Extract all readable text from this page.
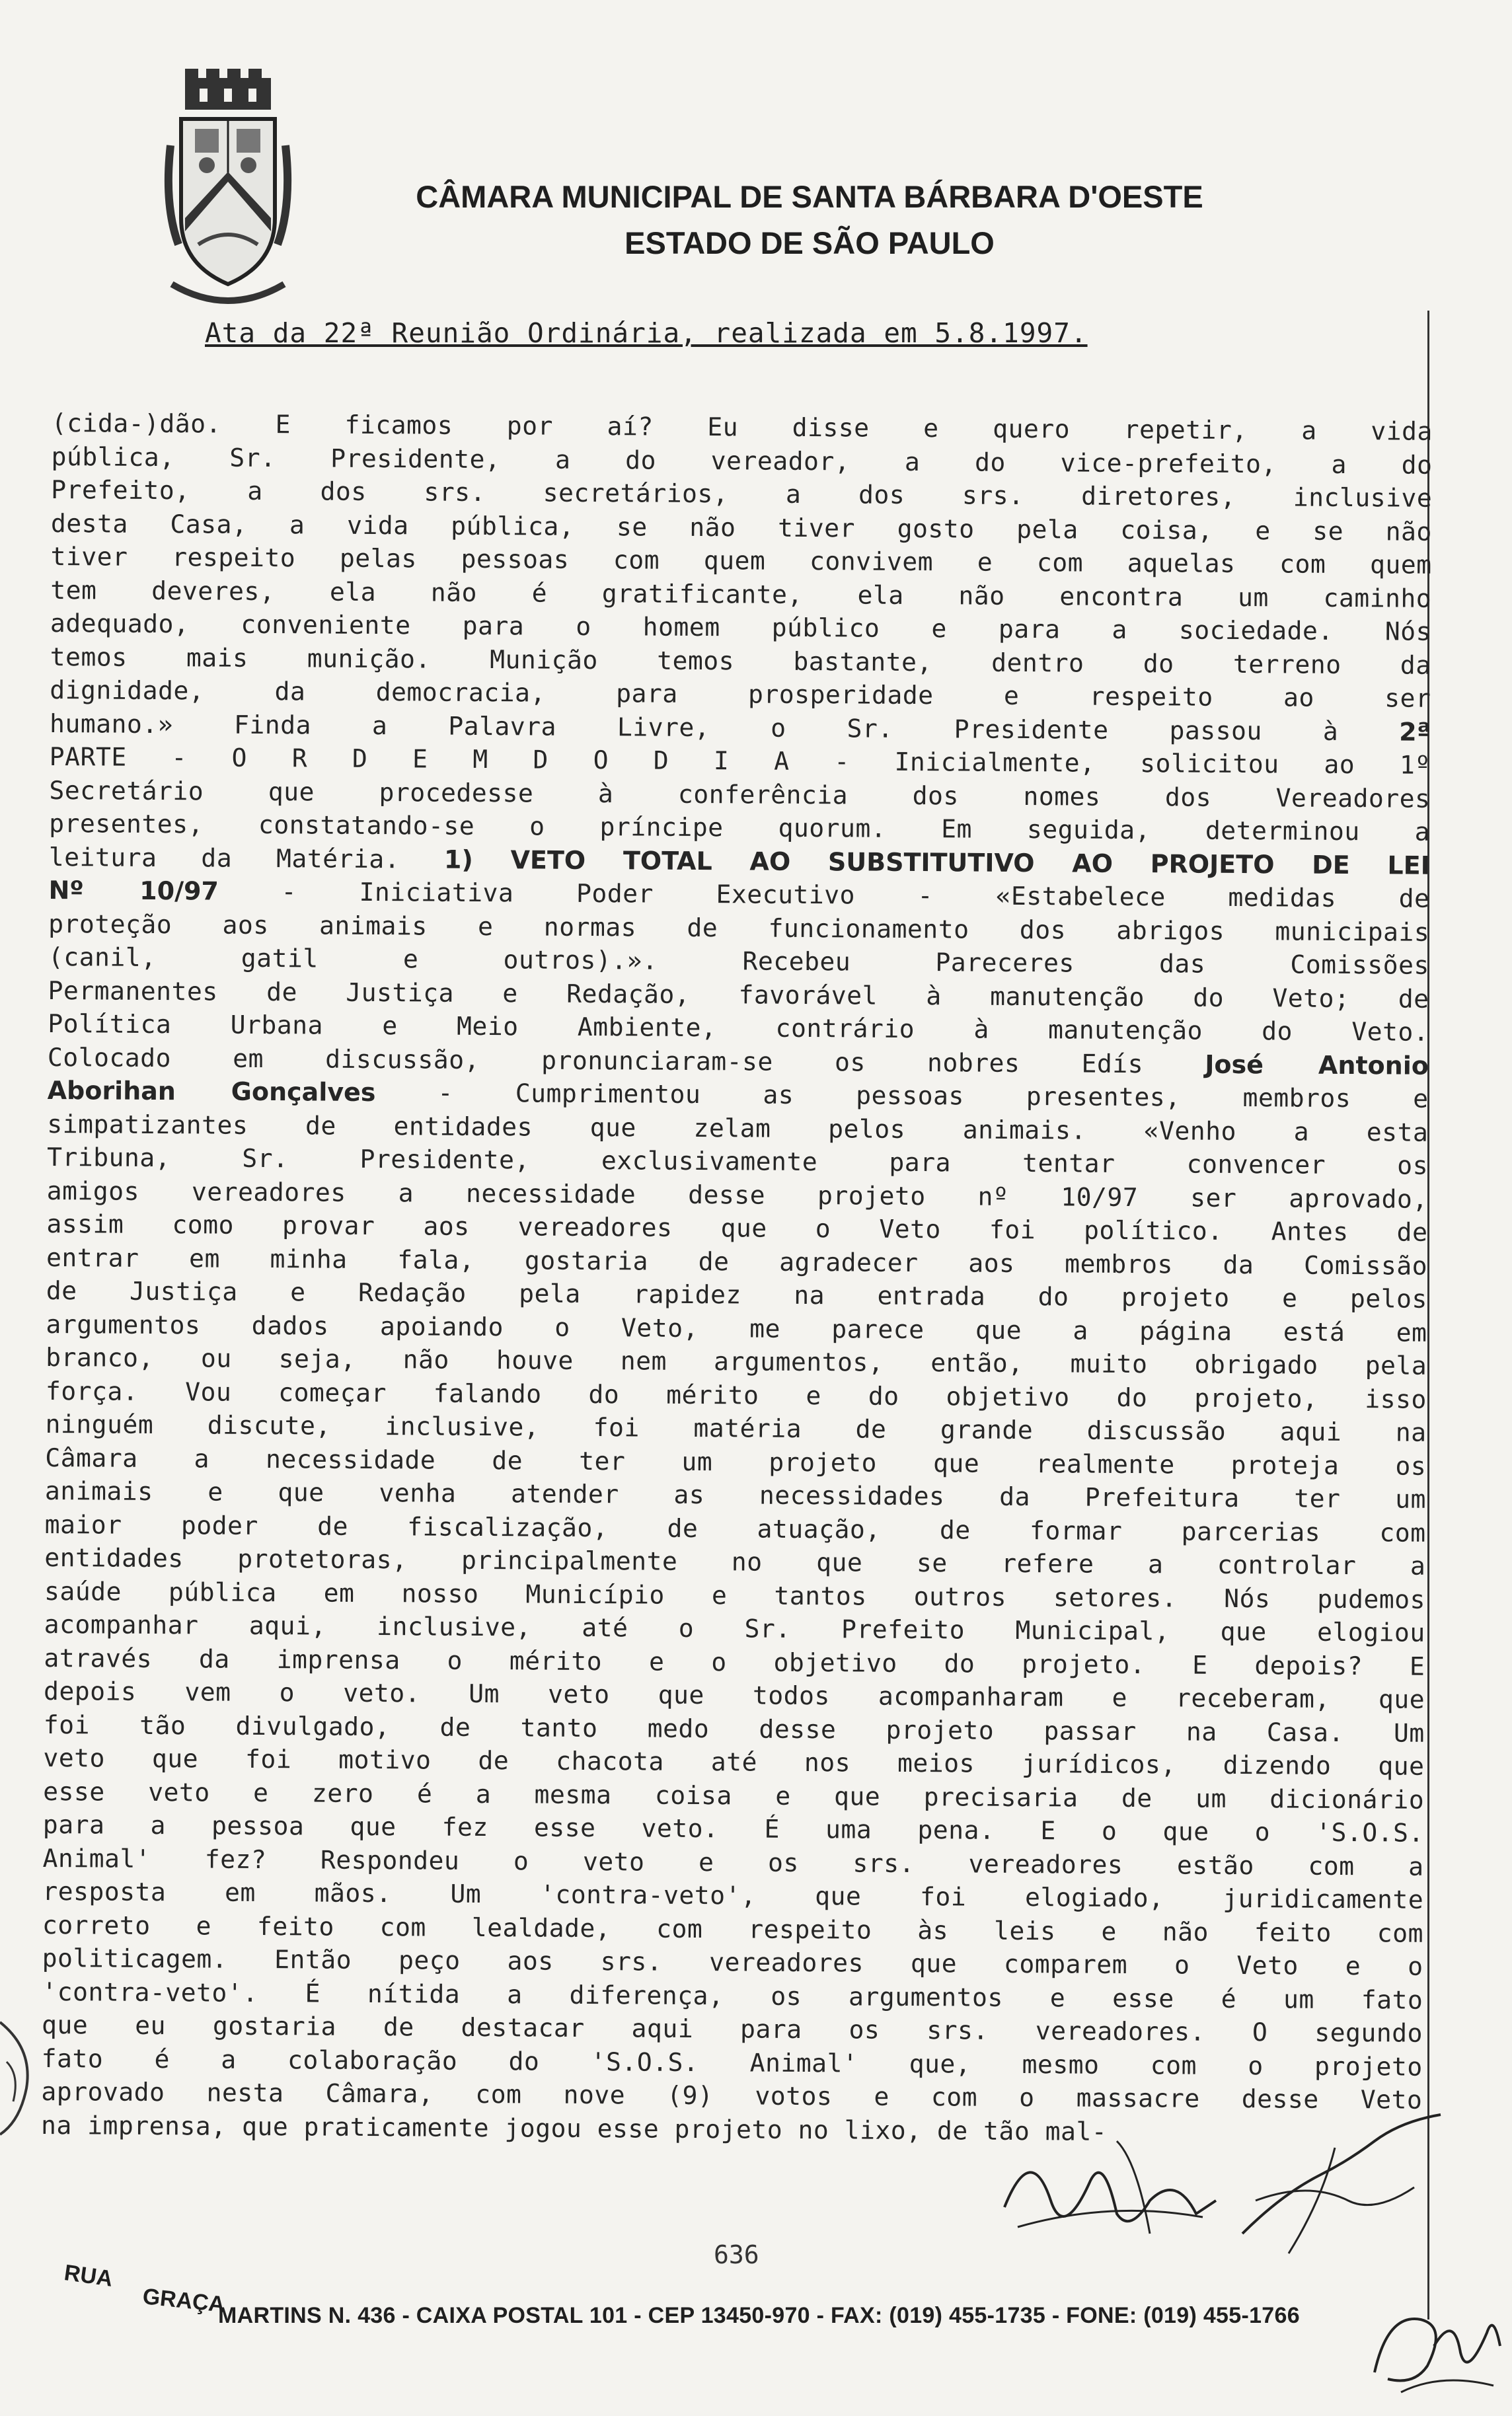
CÂMARA MUNICIPAL DE SANTA BÁRBARA D'OESTE
ESTADO DE SÃO PAULO
Ata da 22ª Reunião Ordinária, realizada em 5.8.1997.
(cida-)dão. E ficamos por aí? Eu disse e quero repetir, a vida
pública, Sr. Presidente, a do vereador, a do vice-prefeito, a do
Prefeito, a dos srs. secretários, a dos srs. diretores, inclusive
desta Casa, a vida pública, se não tiver gosto pela coisa, e se não
tiver respeito pelas pessoas com quem convivem e com aquelas com quem
tem deveres, ela não é gratificante, ela não encontra um caminho
adequado, conveniente para o homem público e para a sociedade. Nós
temos mais munição. Munição temos bastante, dentro do terreno da
dignidade, da democracia, para prosperidade e respeito ao ser
humano.» Finda a Palavra Livre, o Sr. Presidente passou à 2ª
PARTE - O R D E M D O D I A - Inicialmente, solicitou ao 1º
Secretário que procedesse à conferência dos nomes dos Vereadores
presentes, constatando-se o príncipe quorum. Em seguida, determinou a
leitura da Matéria. 1) VETO TOTAL AO SUBSTITUTIVO AO PROJETO DE LEI
Nº 10/97 - Iniciativa Poder Executivo - «Estabelece medidas de
proteção aos animais e normas de funcionamento dos abrigos municipais
(canil, gatil e outros).». Recebeu Pareceres das Comissões
Permanentes de Justiça e Redação, favorável à manutenção do Veto; de
Política Urbana e Meio Ambiente, contrário à manutenção do Veto.
Colocado em discussão, pronunciaram-se os nobres Edís José Antonio
Aborihan Gonçalves - Cumprimentou as pessoas presentes, membros e
simpatizantes de entidades que zelam pelos animais. «Venho a esta
Tribuna, Sr. Presidente, exclusivamente para tentar convencer os
amigos vereadores a necessidade desse projeto nº 10/97 ser aprovado,
assim como provar aos vereadores que o Veto foi político. Antes de
entrar em minha fala, gostaria de agradecer aos membros da Comissão
de Justiça e Redação pela rapidez na entrada do projeto e pelos
argumentos dados apoiando o Veto, me parece que a página está em
branco, ou seja, não houve nem argumentos, então, muito obrigado pela
força. Vou começar falando do mérito e do objetivo do projeto, isso
ninguém discute, inclusive, foi matéria de grande discussão aqui na
Câmara a necessidade de ter um projeto que realmente proteja os
animais e que venha atender as necessidades da Prefeitura ter um
maior poder de fiscalização, de atuação, de formar parcerias com
entidades protetoras, principalmente no que se refere a controlar a
saúde pública em nosso Município e tantos outros setores. Nós pudemos
acompanhar aqui, inclusive, até o Sr. Prefeito Municipal, que elogiou
através da imprensa o mérito e o objetivo do projeto. E depois? E
depois vem o veto. Um veto que todos acompanharam e receberam, que
foi tão divulgado, de tanto medo desse projeto passar na Casa. Um
veto que foi motivo de chacota até nos meios jurídicos, dizendo que
esse veto e zero é a mesma coisa e que precisaria de um dicionário
para a pessoa que fez esse veto. É uma pena. E o que o 'S.O.S.
Animal' fez? Respondeu o veto e os srs. vereadores estão com a
resposta em mãos. Um 'contra-veto', que foi elogiado, juridicamente
correto e feito com lealdade, com respeito às leis e não feito com
politicagem. Então peço aos srs. vereadores que comparem o Veto e o
'contra-veto'. É nítida a diferença, os argumentos e esse é um fato
que eu gostaria de destacar aqui para os srs. vereadores. O segundo
fato é a colaboração do 'S.O.S. Animal' que, mesmo com o projeto
aprovado nesta Câmara, com nove (9) votos e com o massacre desse Veto
na imprensa, que praticamente jogou esse projeto no lixo, de tão mal-
636
RUA
GRAÇA
MARTINS N. 436 - CAIXA POSTAL 101 - CEP 13450-970 - FAX: (019) 455-1735 - FONE: (019) 455-1766
